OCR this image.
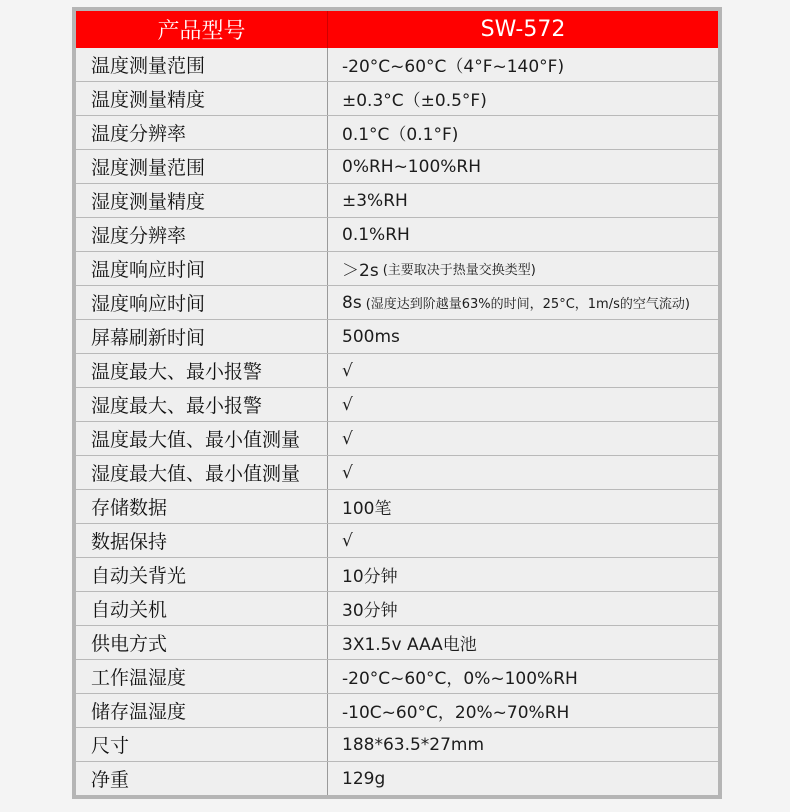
产品型号	SW-572
温度测量范围	-20°C~60°C（4°F~140°F)
温度测量精度	±0.3°C（±0.5°F)
温度分辨率	0.1°C（0.1°F)
湿度测量范围	0%RH~100%RH
湿度测量精度	±3%RH
湿度分辨率	0.1%RH
温度响应时间	＞2s (主要取决于热量交换类型)
湿度响应时间	8s (湿度达到阶越量63%的时间，25°C，1m/s的空气流动)
屏幕刷新时间	500ms
温度最大、最小报警	√
湿度最大、最小报警	√
温度最大值、最小值测量	√
湿度最大值、最小值测量	√
存储数据	100笔
数据保持	√
自动关背光	10分钟
自动关机	30分钟
供电方式	3X1.5v AAA电池
工作温湿度	-20°C~60°C，0%~100%RH
储存温湿度	-10C~60°C，20%~70%RH
尺寸	188*63.5*27mm
净重	129g
